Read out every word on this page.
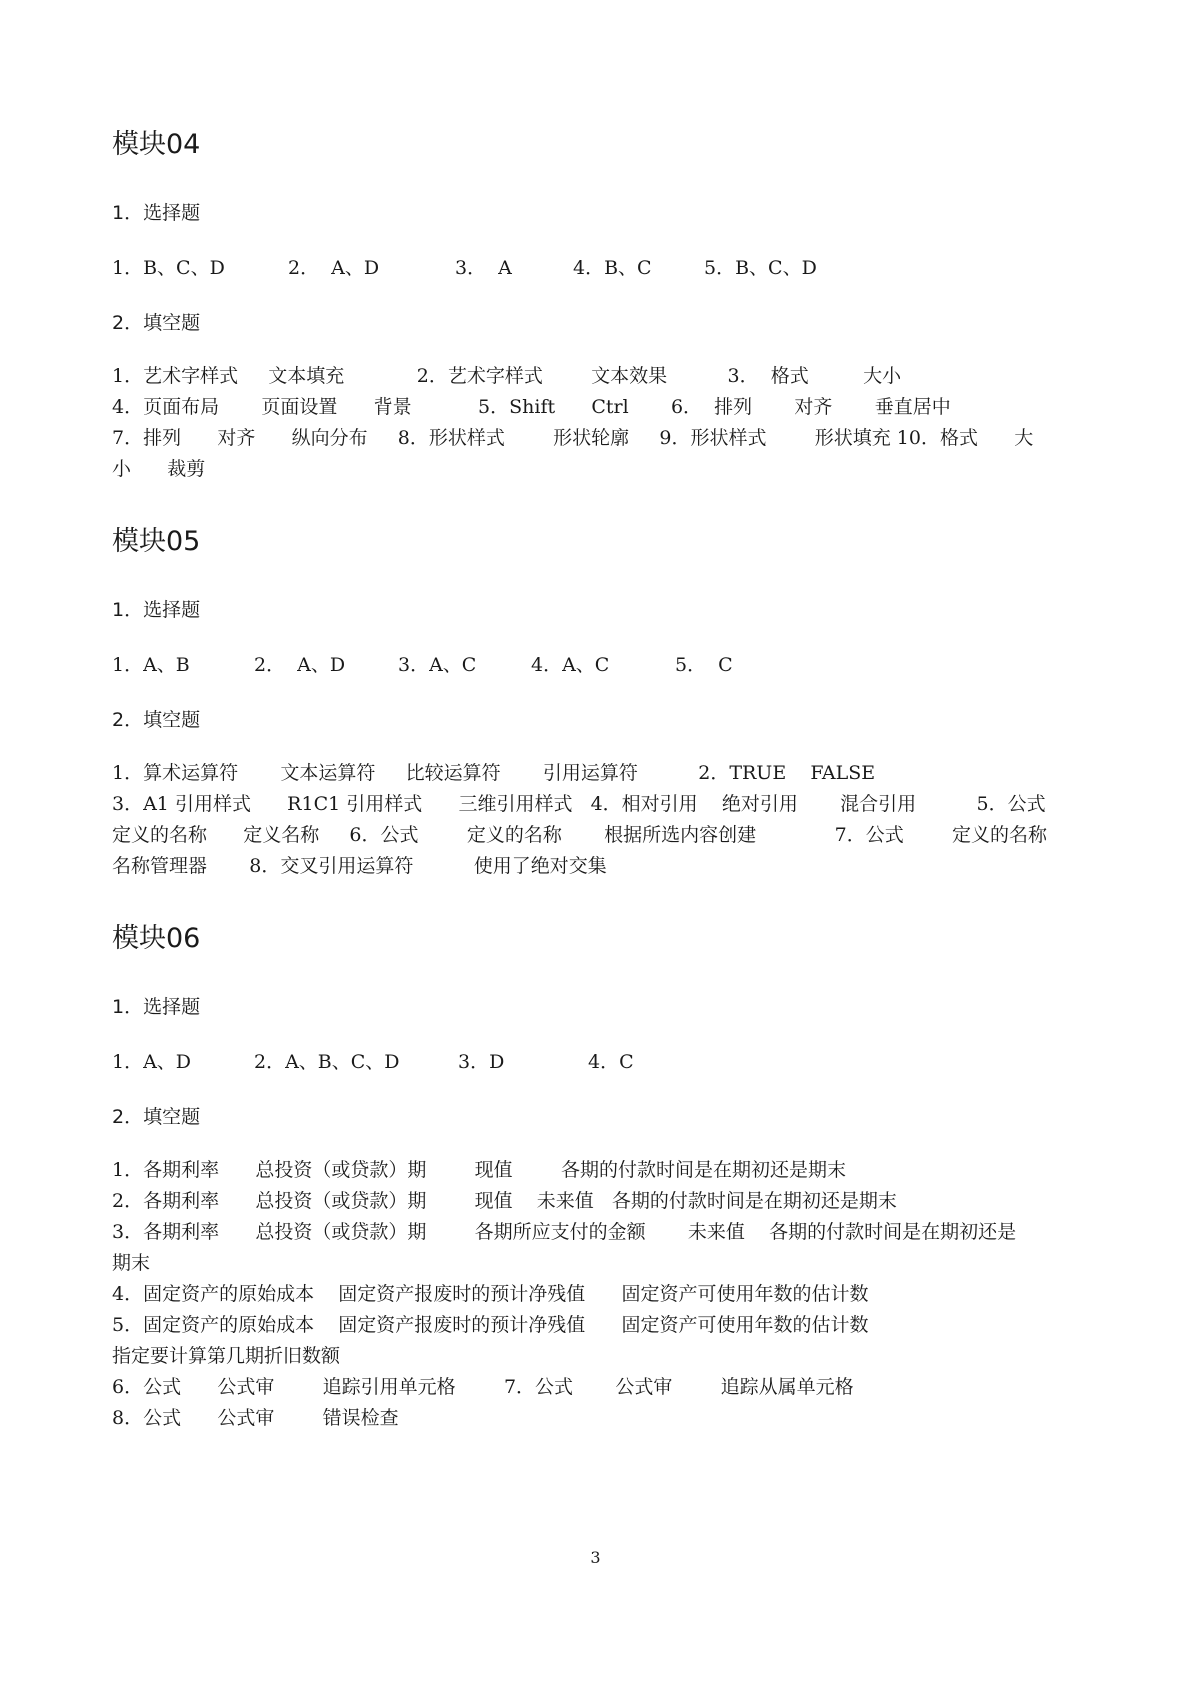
模块04
1．选择题
1．B、C、D	2．  A、D	3．  A	4．B、C	5．B、C、D
2．填空题
1．艺术字样式     文本填充            2．艺术字样式        文本效果          3．  格式         大小
4．页面布局       页面设置      背景           5．Shift      Ctrl       6．  排列       对齐       垂直居中
7．排列      对齐      纵向分布     8．形状样式        形状轮廓     9．形状样式        形状填充 10．格式      大
小      裁剪
模块05
1．选择题
1．A、B	2．  A、D	3．A、C	4．A、C	5．  C
2．填空题
1．算术运算符       文本运算符     比较运算符       引用运算符          2．TRUE    FALSE
3．A1 引用样式      R1C1 引用样式      三维引用样式   4．相对引用    绝对引用       混合引用          5．公式
定义的名称      定义名称     6．公式        定义的名称       根据所选内容创建             7．公式        定义的名称
名称管理器       8．交叉引用运算符          使用了绝对交集
模块06
1．选择题
1．A、D	2．A、B、C、D	3．D	4．C
2．填空题
1．各期利率      总投资（或贷款）期        现值        各期的付款时间是在期初还是期末
2．各期利率      总投资（或贷款）期        现值    未来值   各期的付款时间是在期初还是期末
3．各期利率      总投资（或贷款）期        各期所应支付的金额       未来值    各期的付款时间是在期初还是
期末
4．固定资产的原始成本    固定资产报废时的预计净残值      固定资产可使用年数的估计数
5．固定资产的原始成本    固定资产报废时的预计净残值      固定资产可使用年数的估计数
指定要计算第几期折旧数额
6．公式      公式审        追踪引用单元格        7．公式       公式审        追踪从属单元格
8．公式      公式审        错误检查
3
